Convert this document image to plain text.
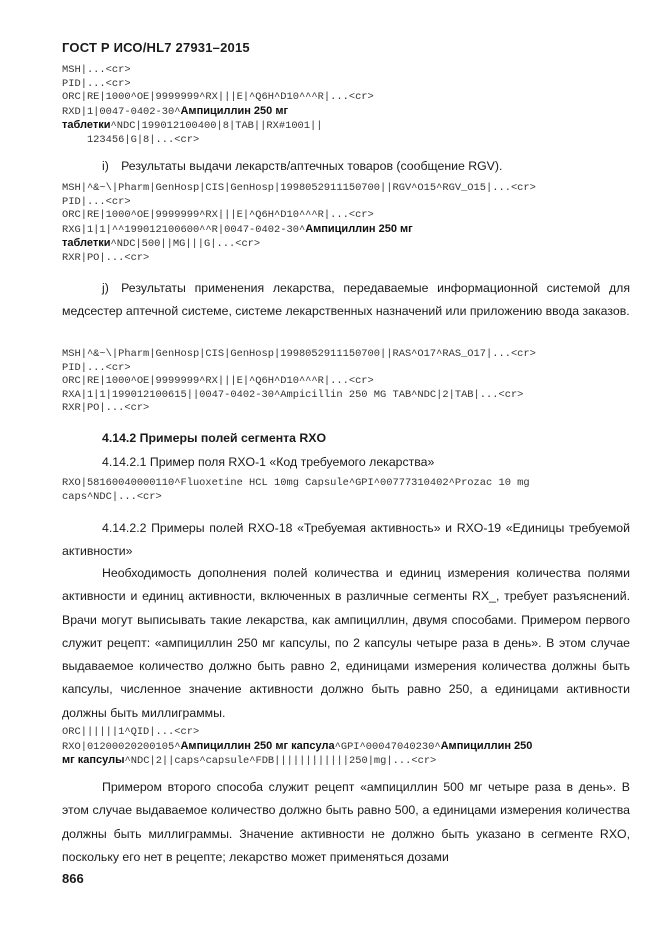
ГОСТ Р ИСО/HL7 27931–2015
MSH|...<cr>
PID|...<cr>
ORC|RE|1000^OE|9999999^RX|||E|^Q6H^D10^^^R|...<cr>
RXD|1|0047-0402-30^Ампициллин 250 мг
таблетки^NDC|199012100400|8|TAB||RX#1001||
123456|G|8|...<cr>
i) Результаты выдачи лекарств/аптечных товаров (сообщение RGV).
MSH|^&~\|Pharm|GenHosp|CIS|GenHosp|1998052911150700||RGV^O15^RGV_O15|...<cr>
PID|...<cr>
ORC|RE|1000^OE|9999999^RX|||E|^Q6H^D10^^^R|...<cr>
RXG|1|1|^^199012100600^^R|0047-0402-30^Ампициллин 250 мг
таблетки^NDC|500||MG|||G|...<cr>
RXR|PO|...<cr>
j) Результаты применения лекарства, передаваемые информационной системой для медсестер аптечной системе, системе лекарственных назначений или приложению ввода заказов.
MSH|^&~\|Pharm|GenHosp|CIS|GenHosp|1998052911150700||RAS^O17^RAS_O17|...<cr>
PID|...<cr>
ORC|RE|1000^OE|9999999^RX|||E|^Q6H^D10^^^R|...<cr>
RXA|1|1|199012100615||0047-0402-30^Ampicillin 250 MG TAB^NDC|2|TAB|...<cr>
RXR|PO|...<cr>
4.14.2 Примеры полей сегмента RXO
4.14.2.1 Пример поля RXO-1 «Код требуемого лекарства»
RXO|58160040000110^Fluoxetine HCL 10mg Capsule^GPI^00777310402^Prozac 10 mg
caps^NDC|...<cr>
4.14.2.2 Примеры полей RXO-18 «Требуемая активность» и RXO-19 «Единицы требуемой активности»
Необходимость дополнения полей количества и единиц измерения количества полями активности и единиц активности, включенных в различные сегменты RX_, требует разъяснений. Врачи могут выписывать такие лекарства, как ампициллин, двумя способами. Примером первого служит рецепт: «ампициллин 250 мг капсулы, по 2 капсулы четыре раза в день». В этом случае выдаваемое количество должно быть равно 2, единицами измерения количества должны быть капсулы, численное значение активности должно быть равно 250, а единицами активности должны быть миллиграммы.
ORC||||||1^QID|...<cr>
RXO|01200020200105^Ампициллин 250 мг капсула^GPI^00047040230^Ампициллин 250
мг капсулы^NDC|2||caps^capsule^FDB||||||||||||250|mg|...<cr>
Примером второго способа служит рецепт «ампициллин 500 мг четыре раза в день». В этом случае выдаваемое количество должно быть равно 500, а единицами измерения количества должны быть миллиграммы. Значение активности не должно быть указано в сегменте RXO, поскольку его нет в рецепте; лекарство может применяться дозами
866
